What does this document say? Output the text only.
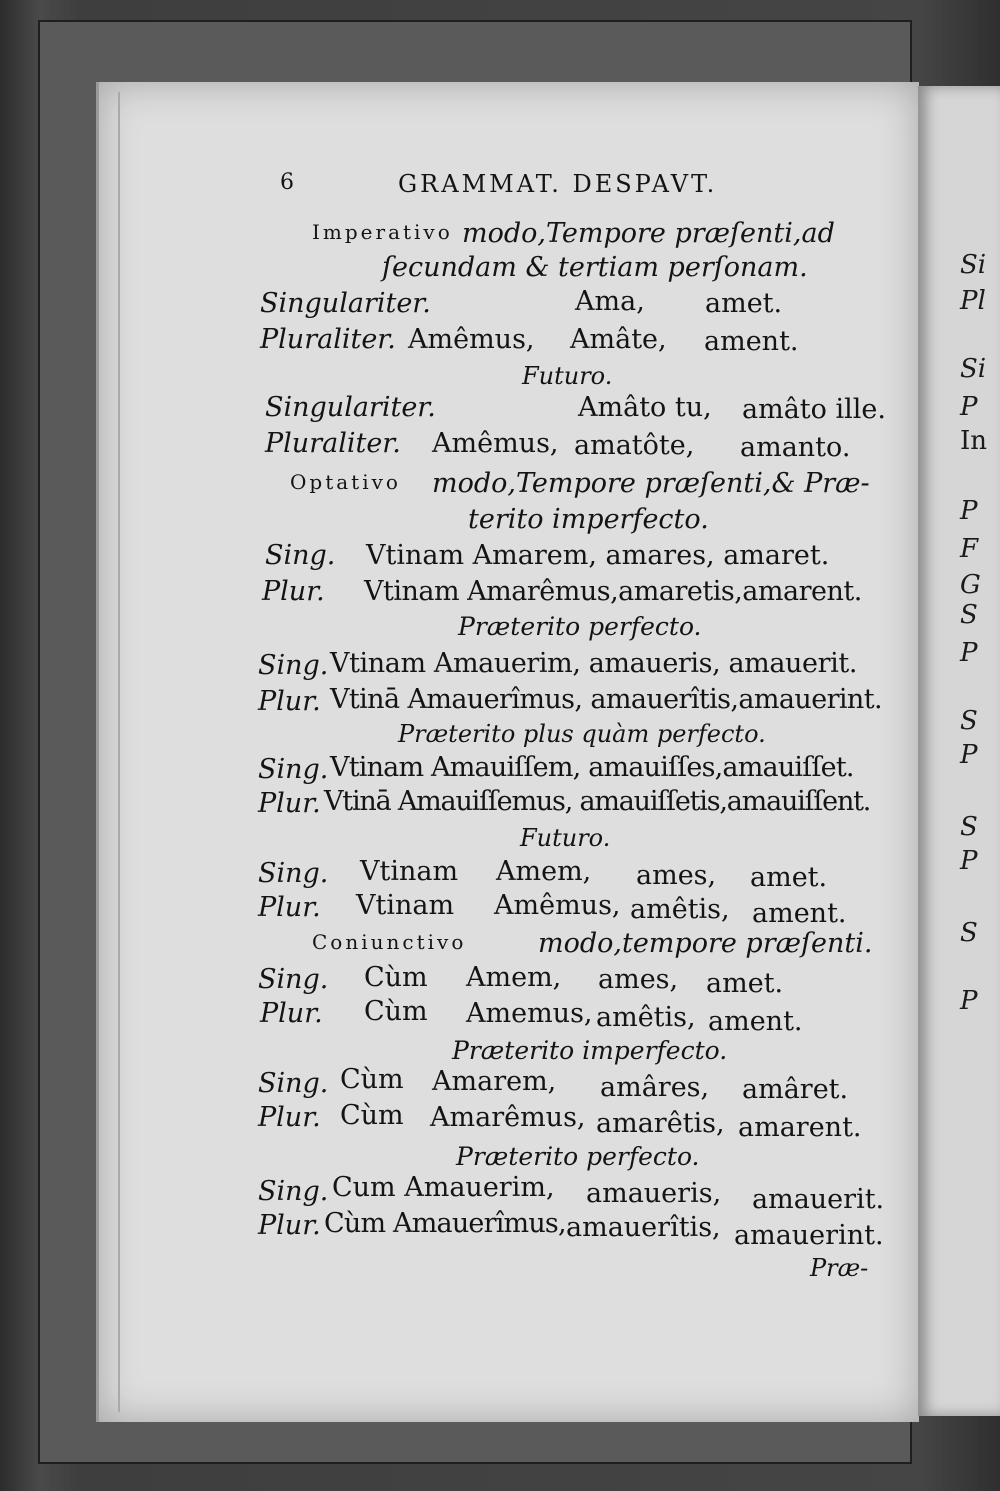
Si
Pl
Si
P
In
P
F
G
S
P
S
P
S
P
S
P
6	GRAMMAT. DESPAVT.
Imperativo modo,Tempore præſenti,ad
ſecundam & tertiam perſonam.
Singulariter.	Ama, amet.
Pluraliter. Amêmus, Amâte, ament.
Futuro.
Singulariter.	Amâto tu, amâto ille.
Pluraliter. Amêmus, amatôte, amanto.
Optativo modo,Tempore præſenti,& Præ-
terito imperfecto.
Sing. Vtinam Amarem, amares, amaret.
Plur. Vtinam Amarêmus,amaretis,amarent.
Præterito perfecto.
Sing. Vtinam Amauerim, amaueris, amauerit.
Plur. Vtinā Amauerîmus, amauerîtis,amauerint.
Præterito plus quàm perfecto.
Sing. Vtinam Amauiſſem, amauiſſes,amauiſſet.
Plur. Vtinā Amauiſſemus, amauiſſetis,amauiſſent.
Futuro.
Sing. Vtinam Amem, ames, amet.
Plur. Vtinam Amêmus, amêtis, ament.
Coniunctivo	modo,tempore præſenti.
Sing. Cùm Amem, ames, amet.
Plur. Cùm Amemus, amêtis, ament.
Præterito imperfecto.
Sing. Cùm Amarem, amâres, amâret.
Plur. Cùm Amarêmus, amarêtis, amarent.
Præterito perfecto.
Sing. Cum Amauerim, amaueris, amauerit.
Plur. Cùm Amauerîmus, amauerîtis, amauerint.
Præ-
